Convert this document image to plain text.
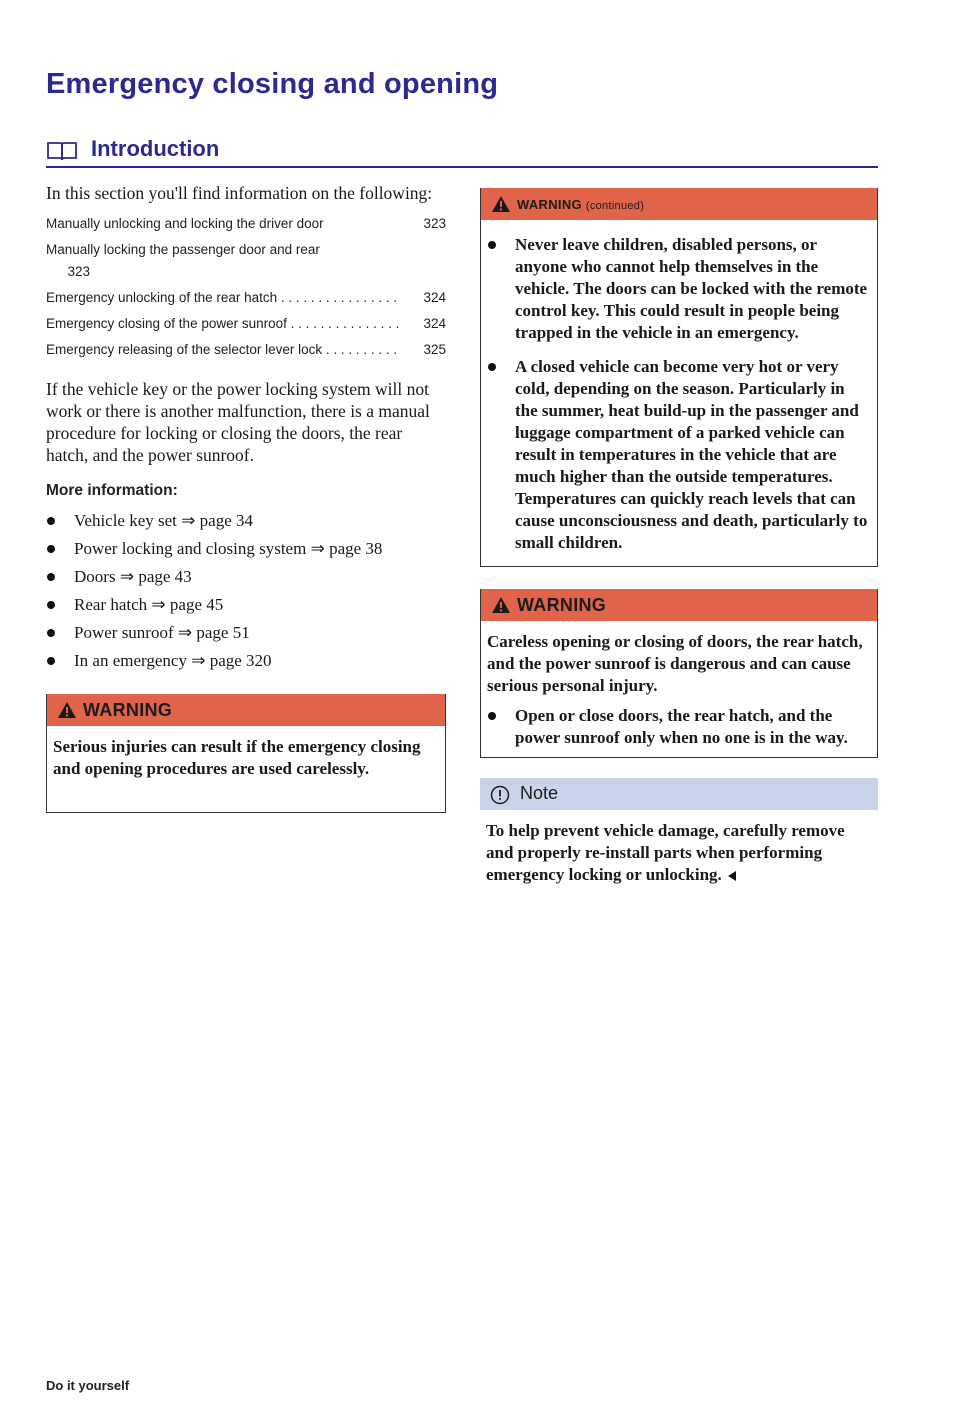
Emergency closing and opening
Introduction

In this section you'll find information on the following:

Manually unlocking and locking the driver door	323
Manually locking the passenger door and rear
323
Emergency unlocking of the rear hatch . . .	324
Emergency closing of the power sunroof . . .	324
Emergency releasing of the selector lever lock . . .	325

If the vehicle key or the power locking system will not work or there is another malfunction, there is a manual procedure for locking or closing the doors, the rear hatch, and the power sunroof.

More information:
Vehicle key set ⇒ page 34
Power locking and closing system ⇒ page 38
Doors ⇒ page 43
Rear hatch ⇒ page 45
Power sunroof ⇒ page 51
In an emergency ⇒ page 320
WARNING

Serious injuries can result if the emergency closing and opening procedures are used carelessly.

WARNING (continued)
Never leave children, disabled persons, or anyone who cannot help themselves in the vehicle. The doors can be locked with the remote control key. This could result in people being trapped in the vehicle in an emergency.
A closed vehicle can become very hot or very cold, depending on the season. Particularly in the summer, heat build-up in the passenger and luggage compartment of a parked vehicle can result in temperatures in the vehicle that are much higher than the outside temperatures. Temperatures can quickly reach levels that can cause unconsciousness and death, particularly to small children.
WARNING

Careless opening or closing of doors, the rear hatch, and the power sunroof is dangerous and can cause serious personal injury.

Open or close doors, the rear hatch, and the power sunroof only when no one is in the way.
Note

To help prevent vehicle damage, carefully remove and properly re-install parts when performing emergency locking or unlocking.

Do it yourself
